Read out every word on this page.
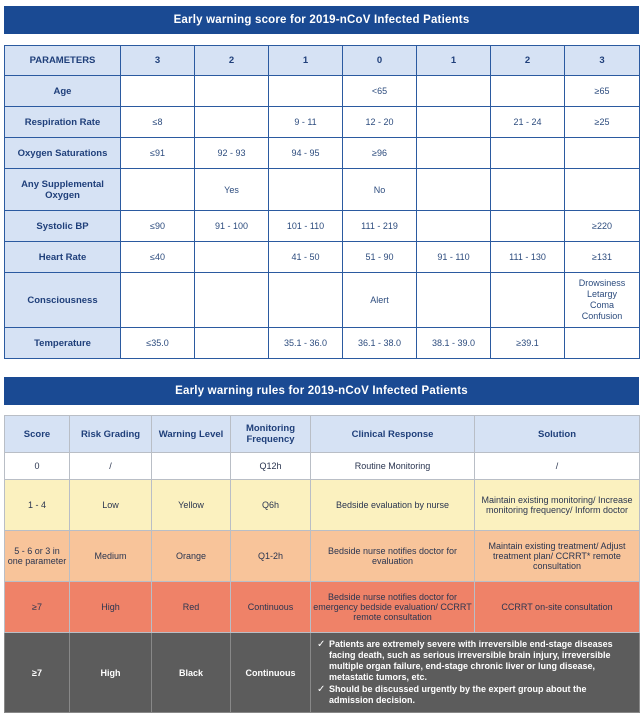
Early warning score for 2019-nCoV Infected Patients
PARAMETERS	3	2	1	0	1	2	3
Age				<65			≥65
Respiration Rate	≤8		9 - 11	12 - 20		21 - 24	≥25
Oxygen Saturations	≤91	92 - 93	94 - 95	≥96			
Any Supplemental Oxygen		Yes		No			
Systolic BP	≤90	91 - 100	101 - 110	111 - 219			≥220
Heart Rate	≤40		41 - 50	51 - 90	91 - 110	111 - 130	≥131
Consciousness				Alert			Drowsiness
Letargy
Coma
Confusion

Temperature	≤35.0		35.1 - 36.0	36.1 - 38.0	38.1 - 39.0	≥39.1	
Early warning rules for 2019-nCoV Infected Patients
Score	Risk Grading	Warning Level	Monitoring Frequency	Clinical Response	Solution
0	/		Q12h	Routine Monitoring	/
1 - 4	Low	Yellow	Q6h	Bedside evaluation by nurse	Maintain existing monitoring/ Increase monitoring frequency/ Inform doctor
5 - 6 or 3 in one parameter	Medium	Orange	Q1-2h	Bedside nurse notifies doctor for evaluation	Maintain existing treatment/ Adjust treatment plan/ CCRRT* remote consultation
≥7	High	Red	Continuous	Bedside nurse notifies doctor for emergency bedside evaluation/ CCRRT remote consultation	CCRRT on-site consultation
≥7	High	Black	Continuous	✓ Patients are extremely severe with irreversible end-stage diseases facing death, such as serious irreversible brain injury, irreversible multiple organ failure, end-stage chronic liver or lung disease, metastatic tumors, etc.
✓ Should be discussed urgently by the expert group about the admission decision.	
